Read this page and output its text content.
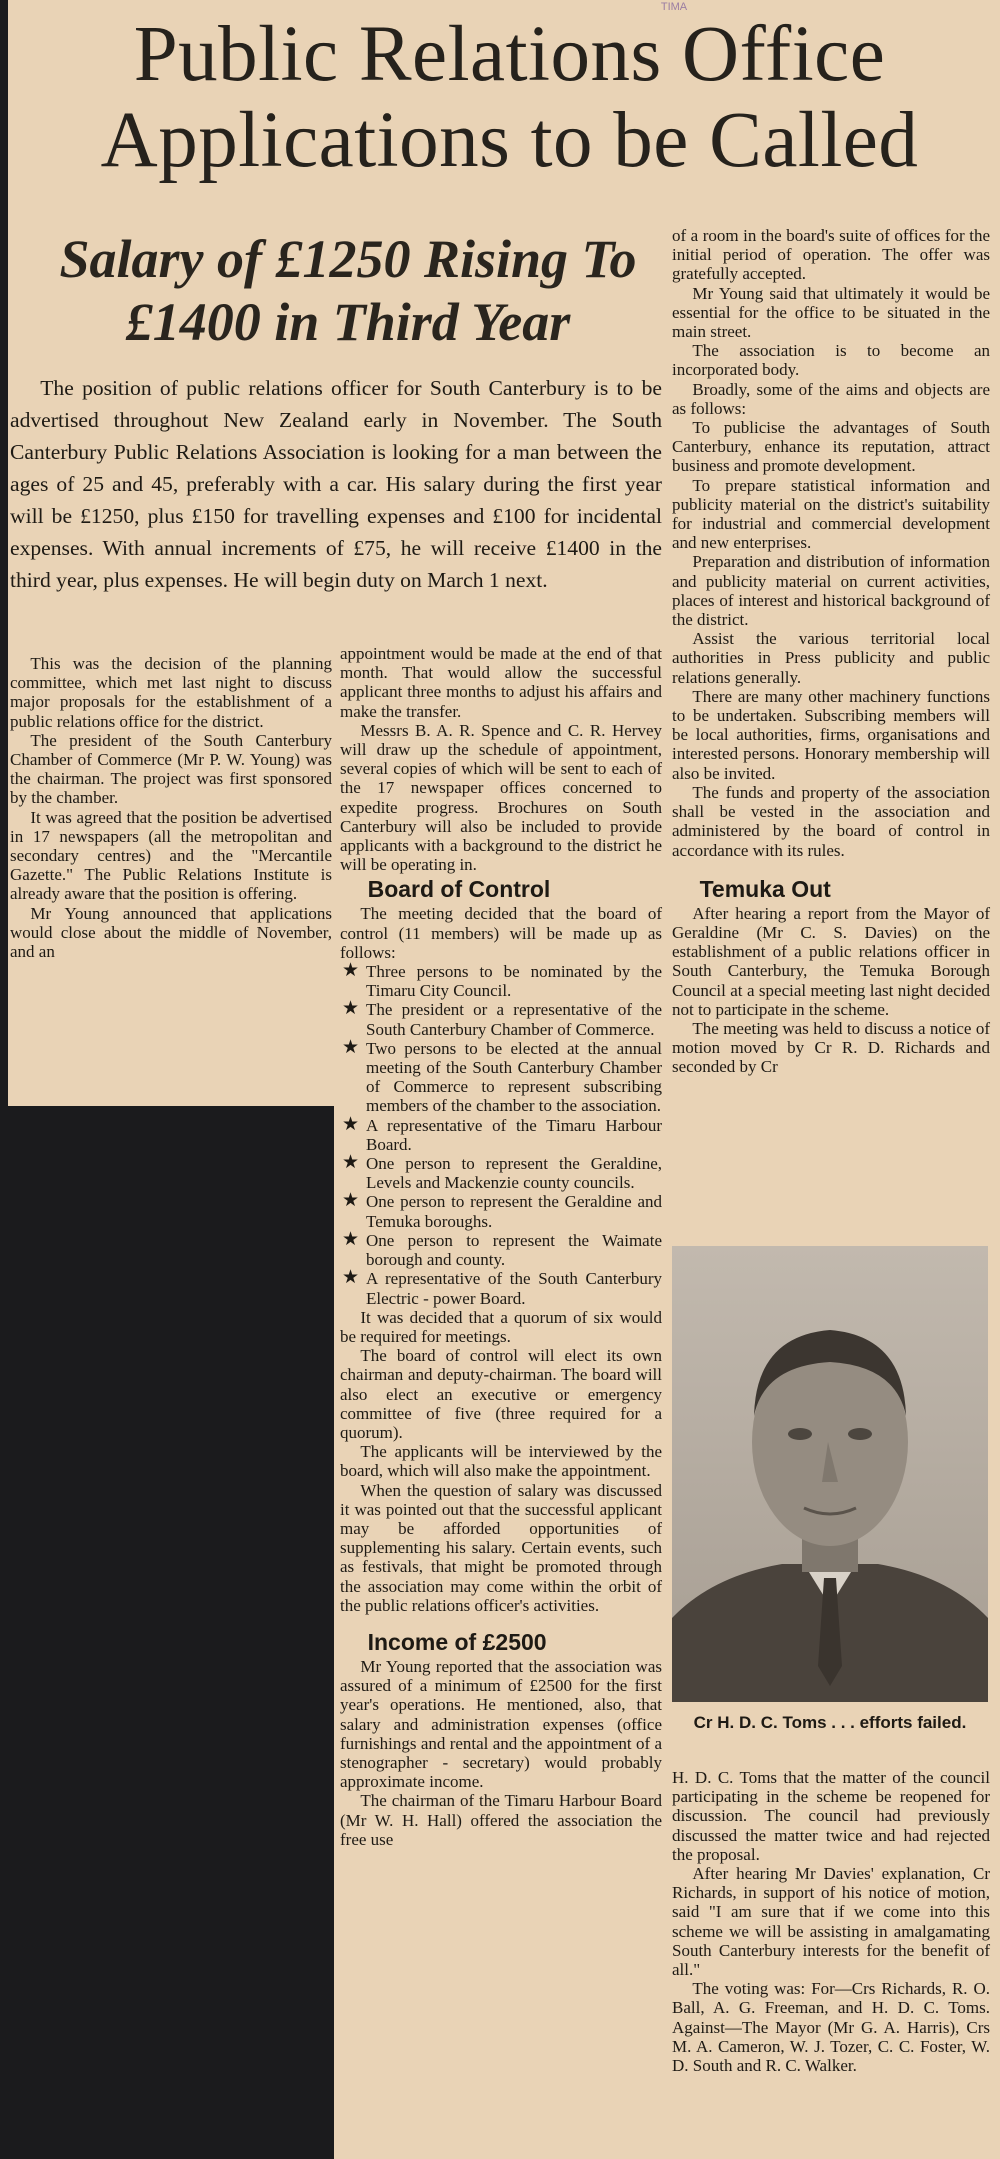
TIMA
Public Relations Office Applications to be Called
Salary of £1250 Rising To £1400 in Third Year

The position of public relations officer for South Canterbury is to be advertised throughout New Zealand early in November. The South Canterbury Public Relations Association is looking for a man between the ages of 25 and 45, preferably with a car. His salary during the first year will be £1250, plus £150 for travelling expenses and £100 for incidental expenses. With annual increments of £75, he will receive £1400 in the third year, plus expenses. He will begin duty on March 1 next.

This was the decision of the planning committee, which met last night to discuss major proposals for the establishment of a public relations office for the district.

The president of the South Canterbury Chamber of Commerce (Mr P. W. Young) was the chairman. The project was first sponsored by the chamber.

It was agreed that the position be advertised in 17 newspapers (all the metropolitan and secondary centres) and the "Mercantile Gazette." The Public Relations Institute is already aware that the position is offering.

Mr Young announced that applications would close about the middle of November, and an

appointment would be made at the end of that month. That would allow the successful applicant three months to adjust his affairs and make the transfer.

Messrs B. A. R. Spence and C. R. Hervey will draw up the schedule of appointment, several copies of which will be sent to each of the 17 newspaper offices concerned to expedite progress. Brochures on South Canterbury will also be included to provide applicants with a background to the district he will be operating in.

Board of Control

The meeting decided that the board of control (11 members) will be made up as follows:

★ Three persons to be nominated by the Timaru City Council.
★ The president or a representative of the South Canterbury Chamber of Commerce.
★ Two persons to be elected at the annual meeting of the South Canterbury Chamber of Commerce to represent subscribing members of the chamber to the association.
★ A representative of the Timaru Harbour Board.
★ One person to represent the Geraldine, Levels and Mackenzie county councils.
★ One person to represent the Geraldine and Temuka boroughs.
★ One person to represent the Waimate borough and county.
★ A representative of the South Canterbury Electric - power Board.

It was decided that a quorum of six would be required for meetings.

The board of control will elect its own chairman and deputy-chairman. The board will also elect an executive or emergency committee of five (three required for a quorum).

The applicants will be interviewed by the board, which will also make the appointment.

When the question of salary was discussed it was pointed out that the successful applicant may be afforded opportunities of supplementing his salary. Certain events, such as festivals, that might be promoted through the association may come within the orbit of the public relations officer's activities.

Income of £2500

Mr Young reported that the association was assured of a minimum of £2500 for the first year's operations. He mentioned, also, that salary and administration expenses (office furnishings and rental and the appointment of a stenographer - secretary) would probably approximate income.

The chairman of the Timaru Harbour Board (Mr W. H. Hall) offered the association the free use

of a room in the board's suite of offices for the initial period of operation. The offer was gratefully accepted.

Mr Young said that ultimately it would be essential for the office to be situated in the main street.

The association is to become an incorporated body.

Broadly, some of the aims and objects are as follows:

To publicise the advantages of South Canterbury, enhance its reputation, attract business and promote development.

To prepare statistical information and publicity material on the district's suitability for industrial and commercial development and new enterprises.

Preparation and distribution of information and publicity material on current activities, places of interest and historical background of the district.

Assist the various territorial local authorities in Press publicity and public relations generally.

There are many other machinery functions to be undertaken. Subscribing members will be local authorities, firms, organisations and interested persons. Honorary membership will also be invited.

The funds and property of the association shall be vested in the association and administered by the board of control in accordance with its rules.

Temuka Out

After hearing a report from the Mayor of Geraldine (Mr C. S. Davies) on the establishment of a public relations officer in South Canterbury, the Temuka Borough Council at a special meeting last night decided not to participate in the scheme.

The meeting was held to discuss a notice of motion moved by Cr R. D. Richards and seconded by Cr

Cr H. D. C. Toms . . . efforts failed.

H. D. C. Toms that the matter of the council participating in the scheme be reopened for discussion. The council had previously discussed the matter twice and had rejected the proposal.

After hearing Mr Davies' explanation, Cr Richards, in support of his notice of motion, said "I am sure that if we come into this scheme we will be assisting in amalgamating South Canterbury interests for the benefit of all."

The voting was: For—Crs Richards, R. O. Ball, A. G. Freeman, and H. D. C. Toms. Against—The Mayor (Mr G. A. Harris), Crs M. A. Cameron, W. J. Tozer, C. C. Foster, W. D. South and R. C. Walker.
